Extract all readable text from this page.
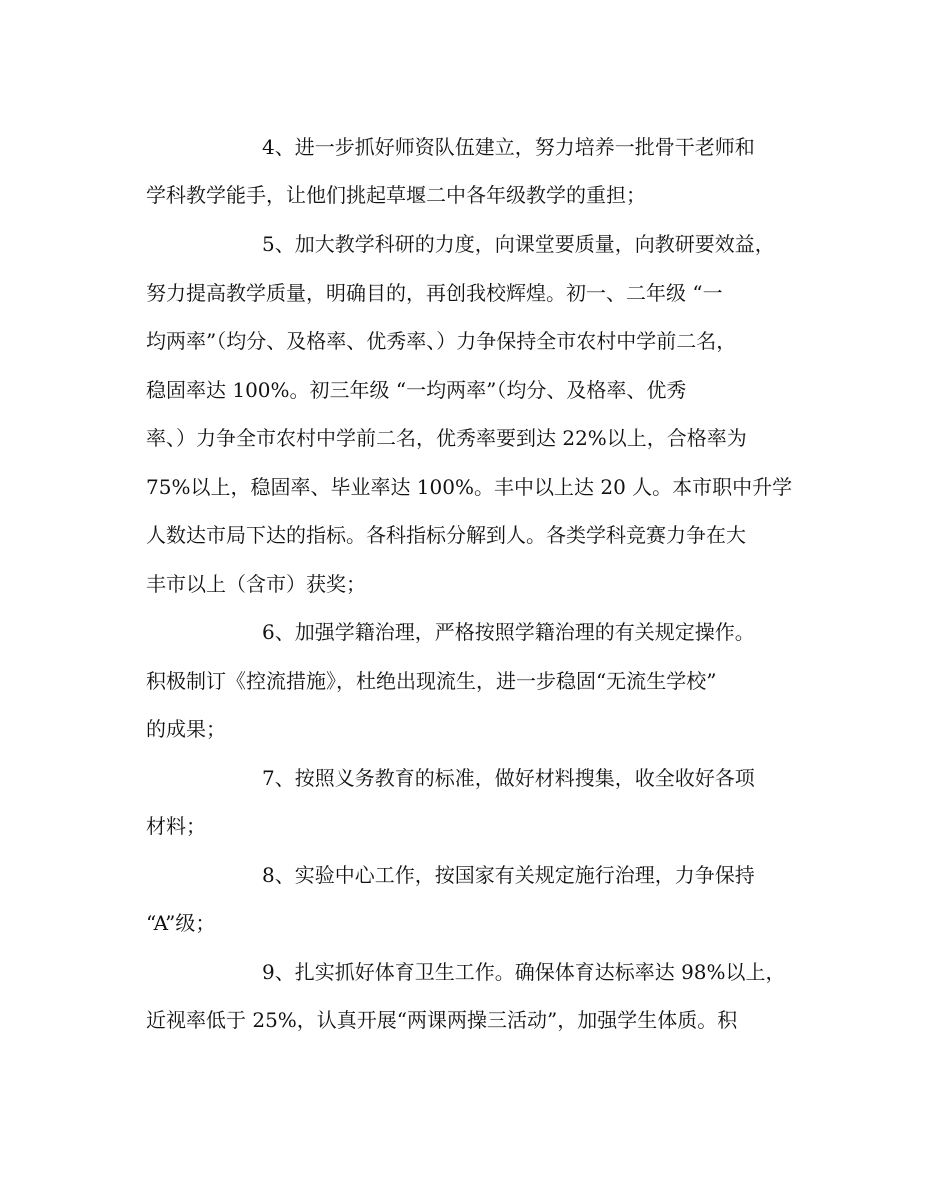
4、进一步抓好师资队伍建立，努力培养一批骨干老师和
学科教学能手，让他们挑起草堰二中各年级教学的重担；
5、加大教学科研的力度，向课堂要质量，向教研要效益，
努力提高教学质量，明确目的，再创我校辉煌。初一、二年级 “一
均两率”（均分、及格率、优秀率、）力争保持全市农村中学前二名，
稳固率达 100%。初三年级 “一均两率”（均分、及格率、优秀
率、）力争全市农村中学前二名，优秀率要到达 22%以上，合格率为
75%以上，稳固率、毕业率达 100%。丰中以上达 20 人。本市职中升学
人数达市局下达的指标。各科指标分解到人。各类学科竞赛力争在大
丰市以上（含市）获奖；
6、加强学籍治理，严格按照学籍治理的有关规定操作。
积极制订《控流措施》，杜绝出现流生，进一步稳固“无流生学校”
的成果；
7、按照义务教育的标准，做好材料搜集，收全收好各项
材料；
8、实验中心工作，按国家有关规定施行治理，力争保持
“A”级；
9、扎实抓好体育卫生工作。确保体育达标率达 98%以上，
近视率低于 25%，认真开展“两课两操三活动”，加强学生体质。积
